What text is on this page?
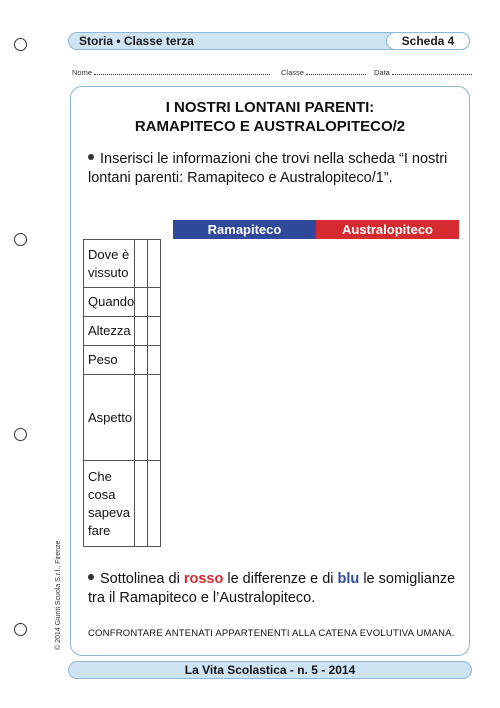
Storia • Classe terza	Scheda 4
Nome	Classe	Data
I NOSTRI LONTANI PARENTI:
RAMAPITECO E AUSTRALOPITECO/2
Inserisci le informazioni che trovi nella scheda “I nostri lontani parenti: Ramapiteco e Australopiteco/1”.
Ramapiteco	Australopiteco
Dove è vissuto	

Quando	

Altezza	

Peso	

Aspetto	

Che cosa sapeva fare	

Sottolinea di rosso le differenze e di blu le somiglianze tra il Ramapiteco e l’Australopiteco.
CONFRONTARE ANTENATI APPARTENENTI ALLA CATENA EVOLUTIVA UMANA.
La Vita Scolastica - n. 5 - 2014
© 2014 Giunti Scuola S.r.l., Firenze
